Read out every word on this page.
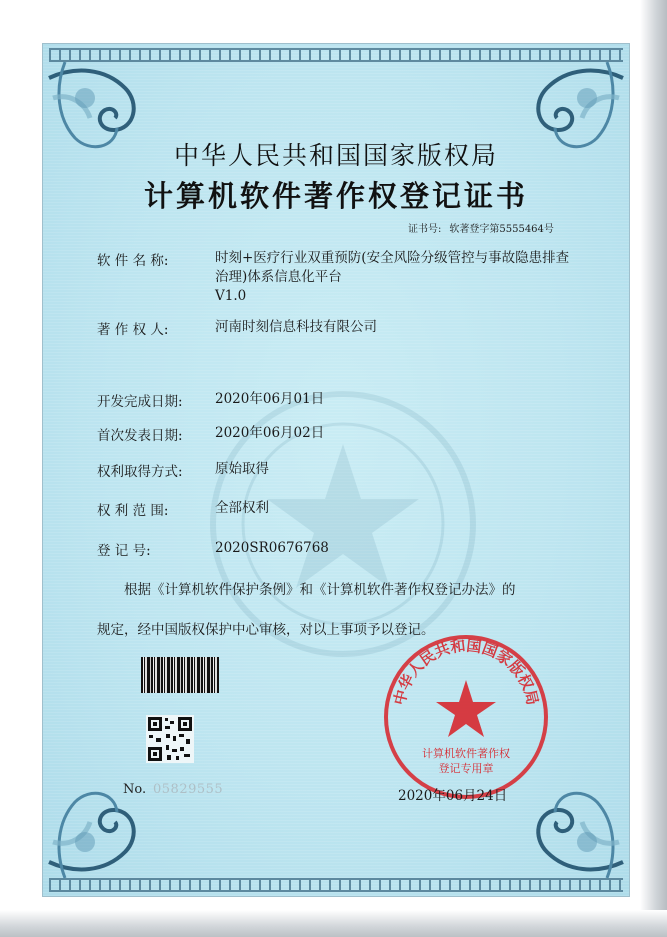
中华人民共和国国家版权局
计算机软件著作权登记证书
证书号: 软著登字第5555464号
软 件 名 称:	时刻+医疗行业双重预防(安全风险分级管控与事故隐患排查治理)体系信息化平台
V1.0
著 作 权 人:	河南时刻信息科技有限公司
开发完成日期:	2020年06月01日
首次发表日期:	2020年06月02日
权利取得方式:	原始取得
权 利 范 围:	全部权利
登 记 号:	2020SR0676768
根据《计算机软件保护条例》和《计算机软件著作权登记办法》的
规定，经中国版权保护中心审核，对以上事项予以登记。
No. 05829555
中华人民共和国国家版权局
计算机软件著作权
登记专用章
2020年06月24日
